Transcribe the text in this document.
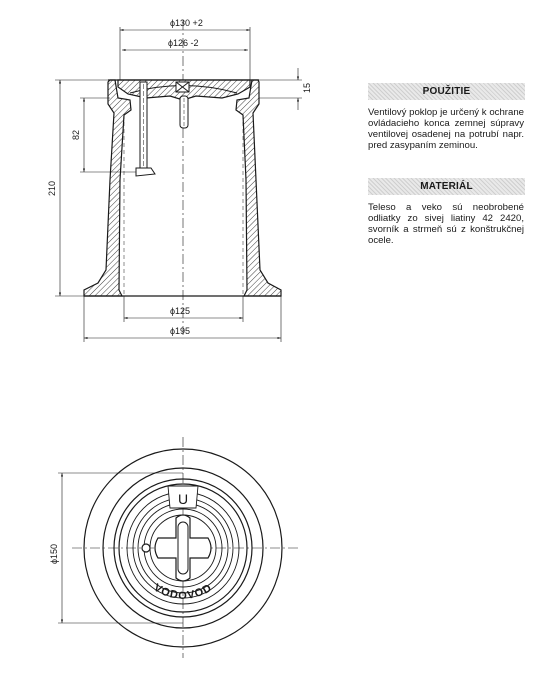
ϕ130 +2
ϕ126 -2
15
82
210
ϕ125
ϕ195
ϕ150
U
VODOVOD
POUŽITIE

Ventilový poklop je určený k ochrane ovládacieho konca zemnej súpravy ventilovej osadenej na potrubí napr. pred zasypaním zeminou.

MATERIÁL

Teleso a veko sú neobrobené odliatky zo sivej liatiny 42 2420, svorník a strmeň sú z konštrukčnej ocele.
